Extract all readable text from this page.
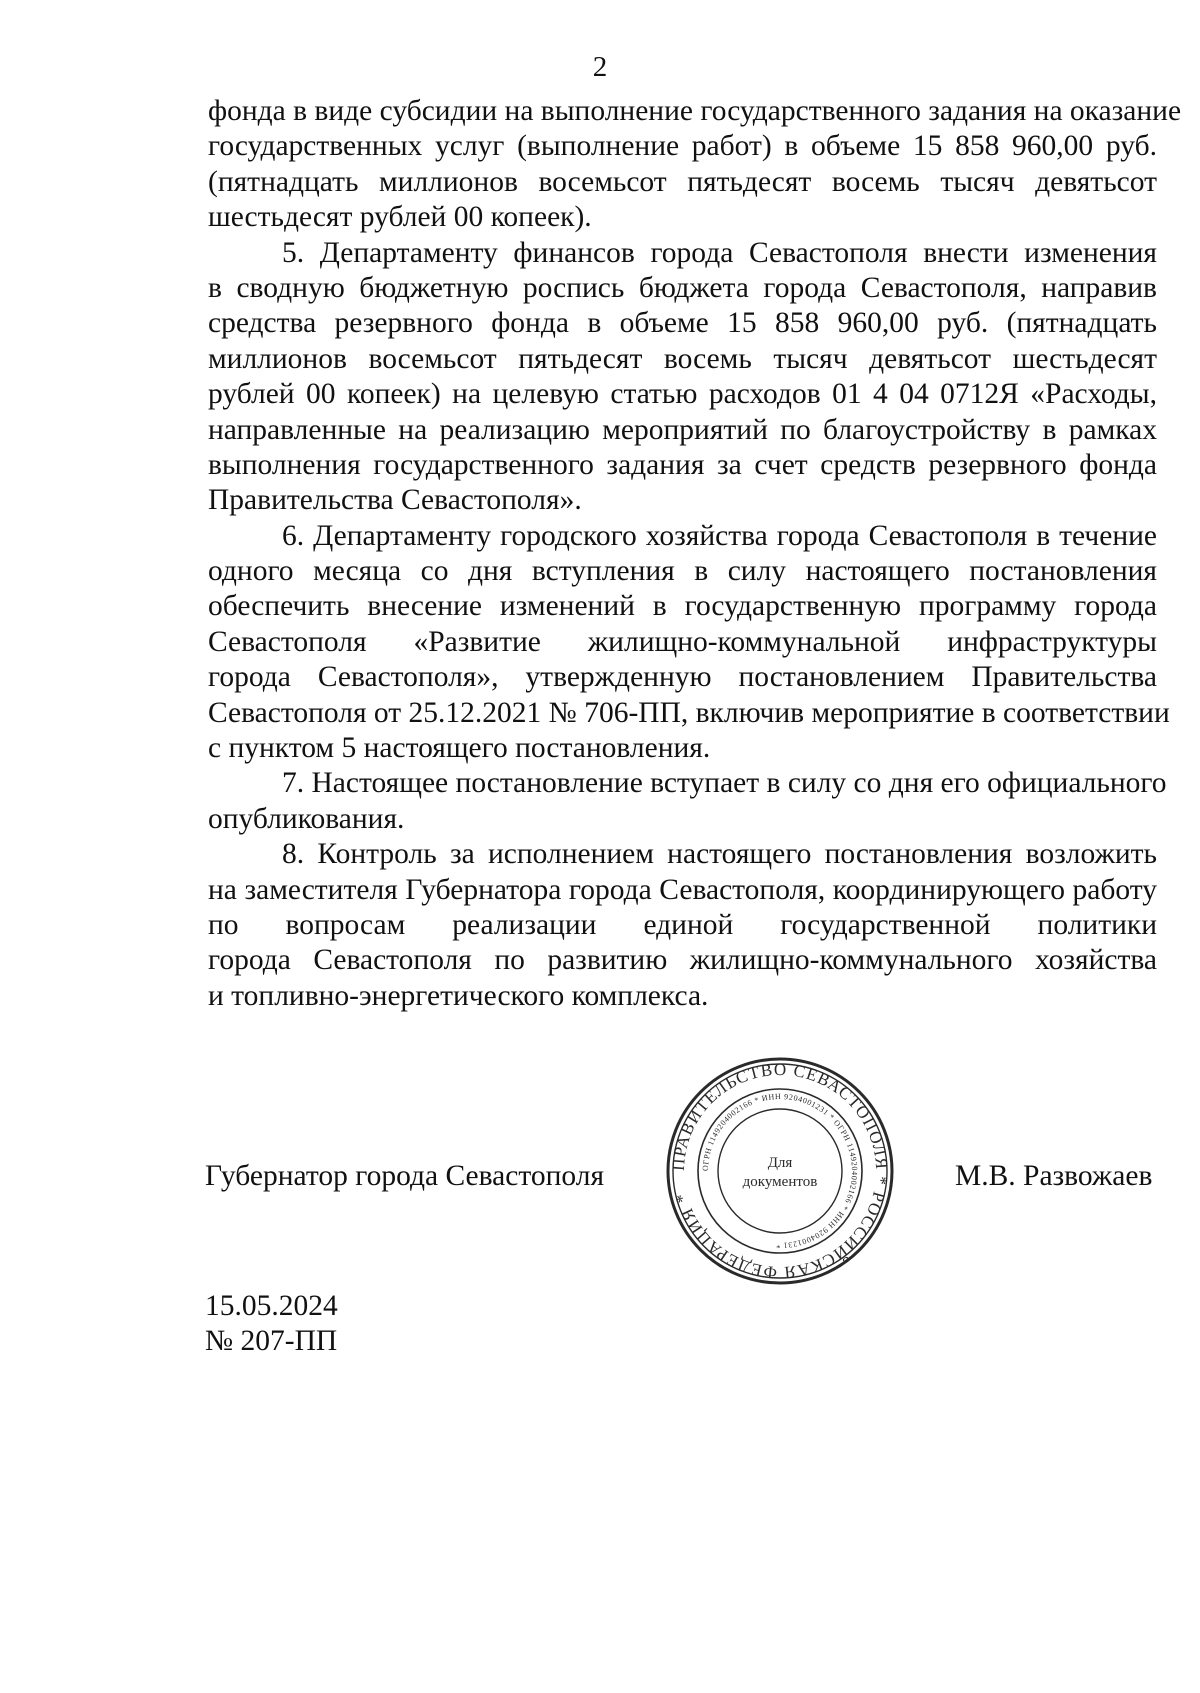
2
фонда в виде субсидии на выполнение государственного задания на оказание
государственных услуг (выполнение работ) в объеме 15 858 960,00 руб.
(пятнадцать миллионов восемьсот пятьдесят восемь тысяч девятьсот
шестьдесят рублей 00 копеек).
5. Департаменту финансов города Севастополя внести изменения
в сводную бюджетную роспись бюджета города Севастополя, направив
средства резервного фонда в объеме 15 858 960,00 руб. (пятнадцать
миллионов восемьсот пятьдесят восемь тысяч девятьсот шестьдесят
рублей 00 копеек) на целевую статью расходов 01 4 04 0712Я «Расходы,
направленные на реализацию мероприятий по благоустройству в рамках
выполнения государственного задания за счет средств резервного фонда
Правительства Севастополя».
6. Департаменту городского хозяйства города Севастополя в течение
одного месяца со дня вступления в силу настоящего постановления
обеспечить внесение изменений в государственную программу города
Севастополя «Развитие жилищно-коммунальной инфраструктуры
города Севастополя», утвержденную постановлением Правительства
Севастополя от 25.12.2021 № 706-ПП, включив мероприятие в соответствии
с пунктом 5 настоящего постановления.
7. Настоящее постановление вступает в силу со дня его официального
опубликования.
8. Контроль за исполнением настоящего постановления возложить
на заместителя Губернатора города Севастополя, координирующего работу
по вопросам реализации единой государственной политики
города Севастополя по развитию жилищно-коммунального хозяйства
и топливно-энергетического комплекса.
Губернатор города Севастополя	ПРАВИТЕЛЬСТВО СЕВАСТОПОЛЯ * РОССИЙСКАЯ ФЕДЕРАЦИЯ *
ОГРН 1149204002166 * ИНН 9204001231 * ОГРН 1149204002166 * ИНН 9204001231 *
Для
документов	М.В. Развожаев
15.05.2024
№ 207-ПП
